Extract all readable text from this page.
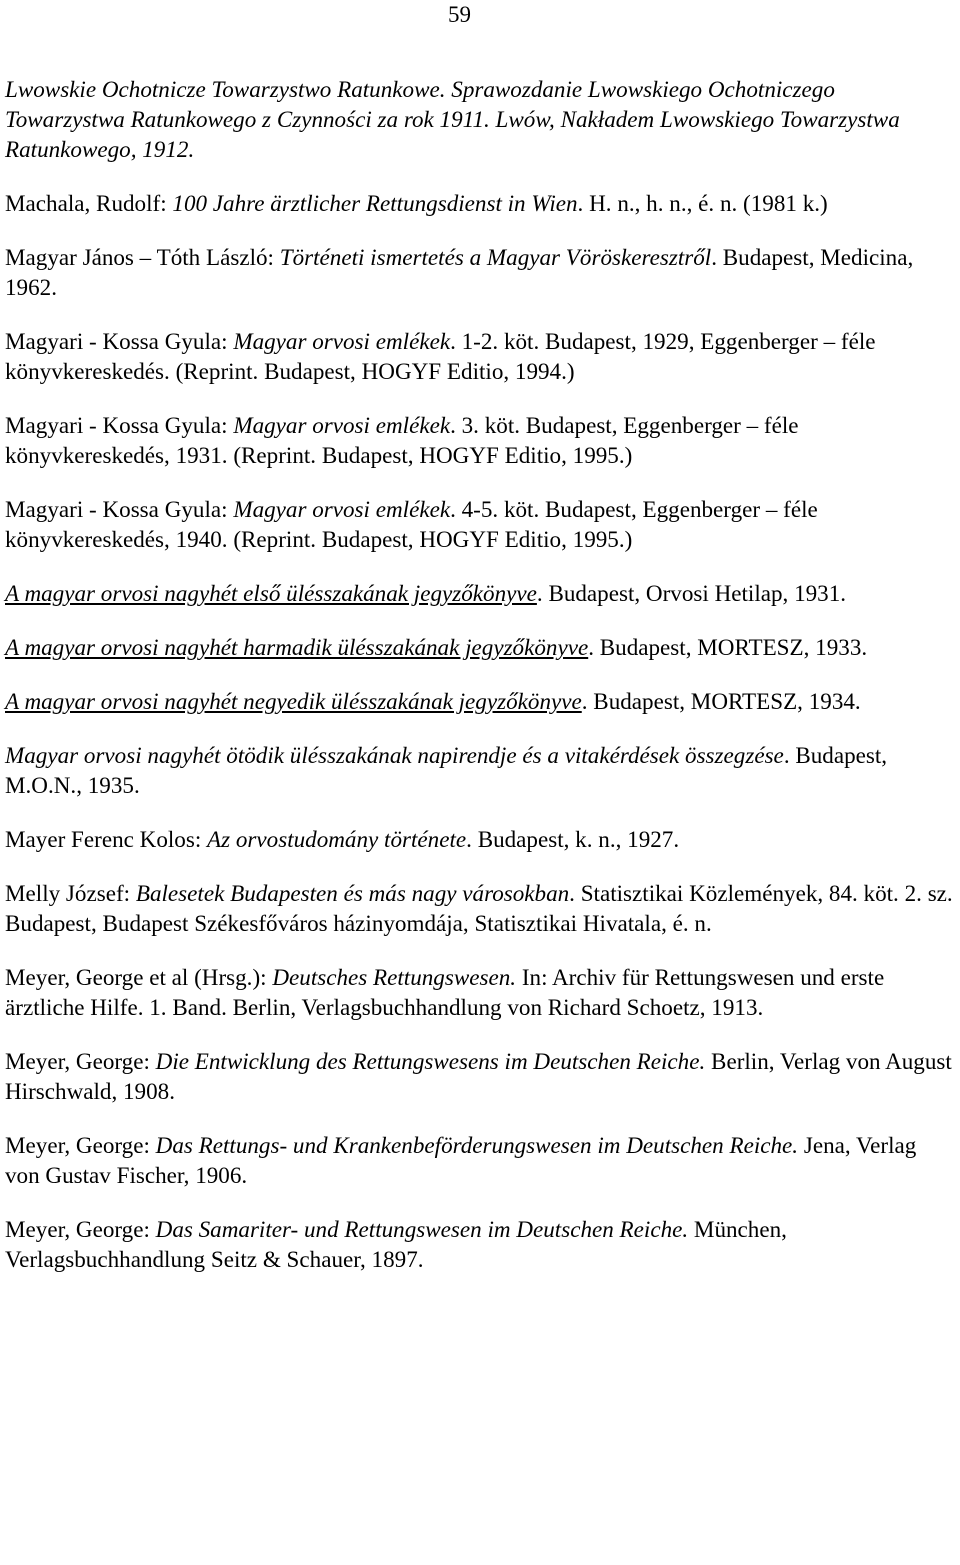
59

Lwowskie Ochotnicze Towarzystwo Ratunkowe. Sprawozdanie Lwowskiego Ochotniczego Towarzystwa Ratunkowego z Czynności za rok 1911. Lwów, Nakładem Lwowskiego Towarzystwa Ratunkowego, 1912.

Machala, Rudolf: 100 Jahre ärztlicher Rettungsdienst in Wien. H. n., h. n., é. n. (1981 k.)

Magyar János – Tóth László: Történeti ismertetés a Magyar Vöröskeresztről. Budapest, Medicina, 1962.

Magyari - Kossa Gyula: Magyar orvosi emlékek. 1-2. köt. Budapest, 1929, Eggenberger – féle könyvkereskedés. (Reprint. Budapest, HOGYF Editio, 1994.)

Magyari - Kossa Gyula: Magyar orvosi emlékek. 3. köt. Budapest, Eggenberger – féle könyvkereskedés, 1931. (Reprint. Budapest, HOGYF Editio, 1995.)

Magyari - Kossa Gyula: Magyar orvosi emlékek. 4-5. köt. Budapest, Eggenberger – féle könyvkereskedés, 1940. (Reprint. Budapest, HOGYF Editio, 1995.)

A magyar orvosi nagyhét első ülésszakának jegyzőkönyve. Budapest, Orvosi Hetilap, 1931.

A magyar orvosi nagyhét harmadik ülésszakának jegyzőkönyve. Budapest, MORTESZ, 1933.

A magyar orvosi nagyhét negyedik ülésszakának jegyzőkönyve. Budapest, MORTESZ, 1934.

Magyar orvosi nagyhét ötödik ülésszakának napirendje és a vitakérdések összegzése. Budapest, M.O.N., 1935.

Mayer Ferenc Kolos: Az orvostudomány története. Budapest, k. n., 1927.

Melly József: Balesetek Budapesten és más nagy városokban. Statisztikai Közlemények, 84. köt. 2. sz. Budapest, Budapest Székesfőváros házinyomdája, Statisztikai Hivatala, é. n.

Meyer, George et al (Hrsg.): Deutsches Rettungswesen. In: Archiv für Rettungswesen und erste ärztliche Hilfe. 1. Band. Berlin, Verlagsbuchhandlung von Richard Schoetz, 1913.

Meyer, George: Die Entwicklung des Rettungswesens im Deutschen Reiche. Berlin, Verlag von August Hirschwald, 1908.

Meyer, George: Das Rettungs- und Krankenbeförderungswesen im Deutschen Reiche. Jena, Verlag von Gustav Fischer, 1906.

Meyer, George: Das Samariter- und Rettungswesen im Deutschen Reiche. München, Verlagsbuchhandlung Seitz & Schauer, 1897.
